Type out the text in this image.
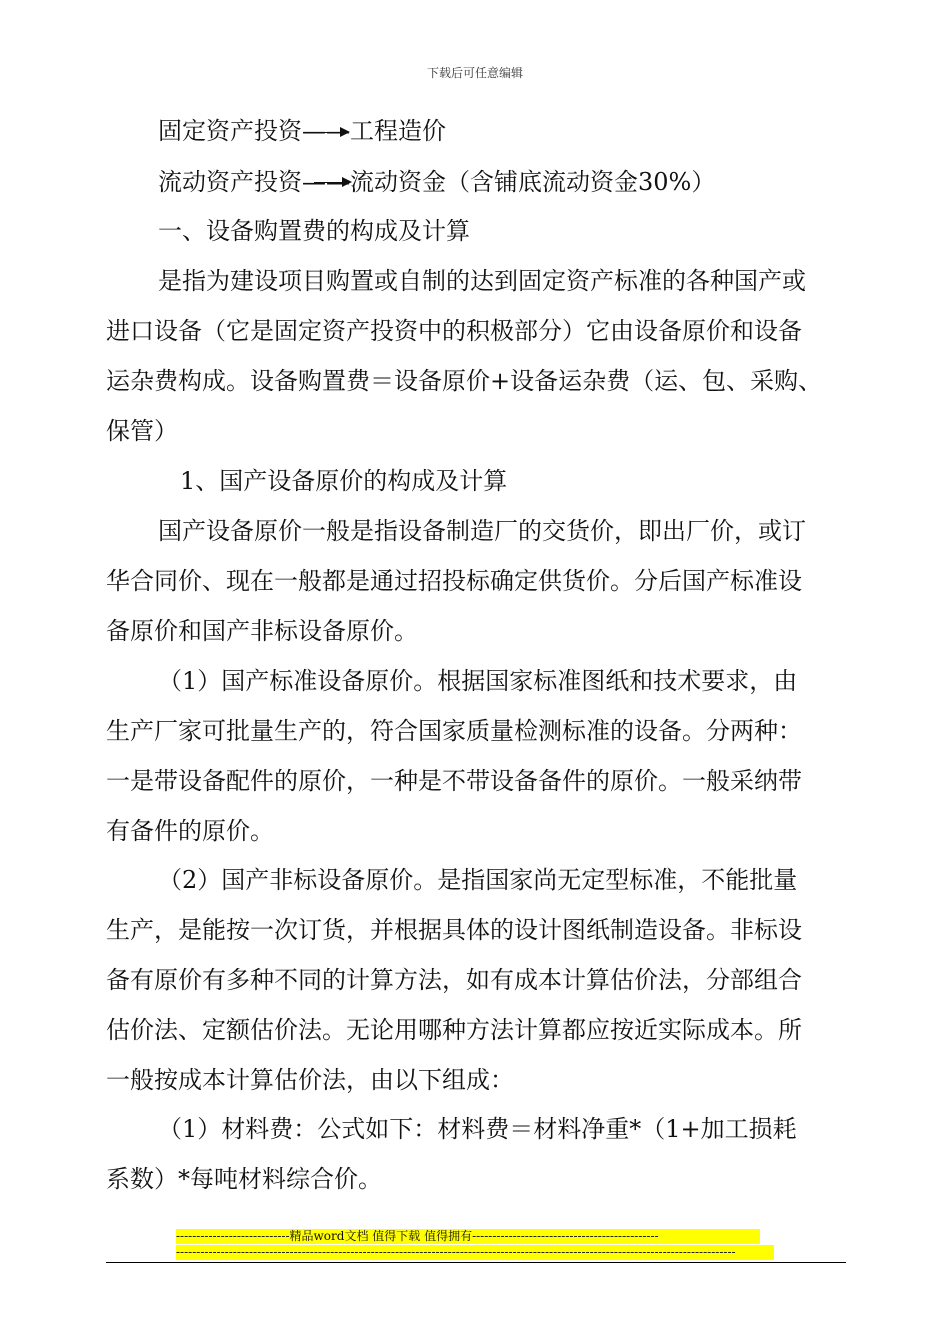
下载后可任意编辑
固定资产投资——工程造价
流动资产投资——流动资金（含铺底流动资金30%）
一、设备购置费的构成及计算
是指为建设项目购置或自制的达到固定资产标准的各种国产或
进口设备（它是固定资产投资中的积极部分）它由设备原价和设备
运杂费构成。设备购置费＝设备原价+设备运杂费（运、包、采购、
保管）
1、国产设备原价的构成及计算
国产设备原价一般是指设备制造厂的交货价，即出厂价，或订
华合同价、现在一般都是通过招投标确定供货价。分后国产标准设
备原价和国产非标设备原价。
（1）国产标准设备原价。根据国家标准图纸和技术要求，由
生产厂家可批量生产的，符合国家质量检测标准的设备。分两种：
一是带设备配件的原价，一种是不带设备备件的原价。一般采纳带
有备件的原价。
（2）国产非标设备原价。是指国家尚无定型标准，不能批量
生产，是能按一次订货，并根据具体的设计图纸制造设备。非标设
备有原价有多种不同的计算方法，如有成本计算估价法，分部组合
估价法、定额估价法。无论用哪种方法计算都应按近实际成本。所
一般按成本计算估价法，由以下组成：
（1）材料费：公式如下：材料费＝材料净重*（1+加工损耗
系数）*每吨材料综合价。
----------------------------精品word文档 值得下载 值得拥有----------------------------------------------
------------------------------------------------------------------------------------------------------------------------------------------
